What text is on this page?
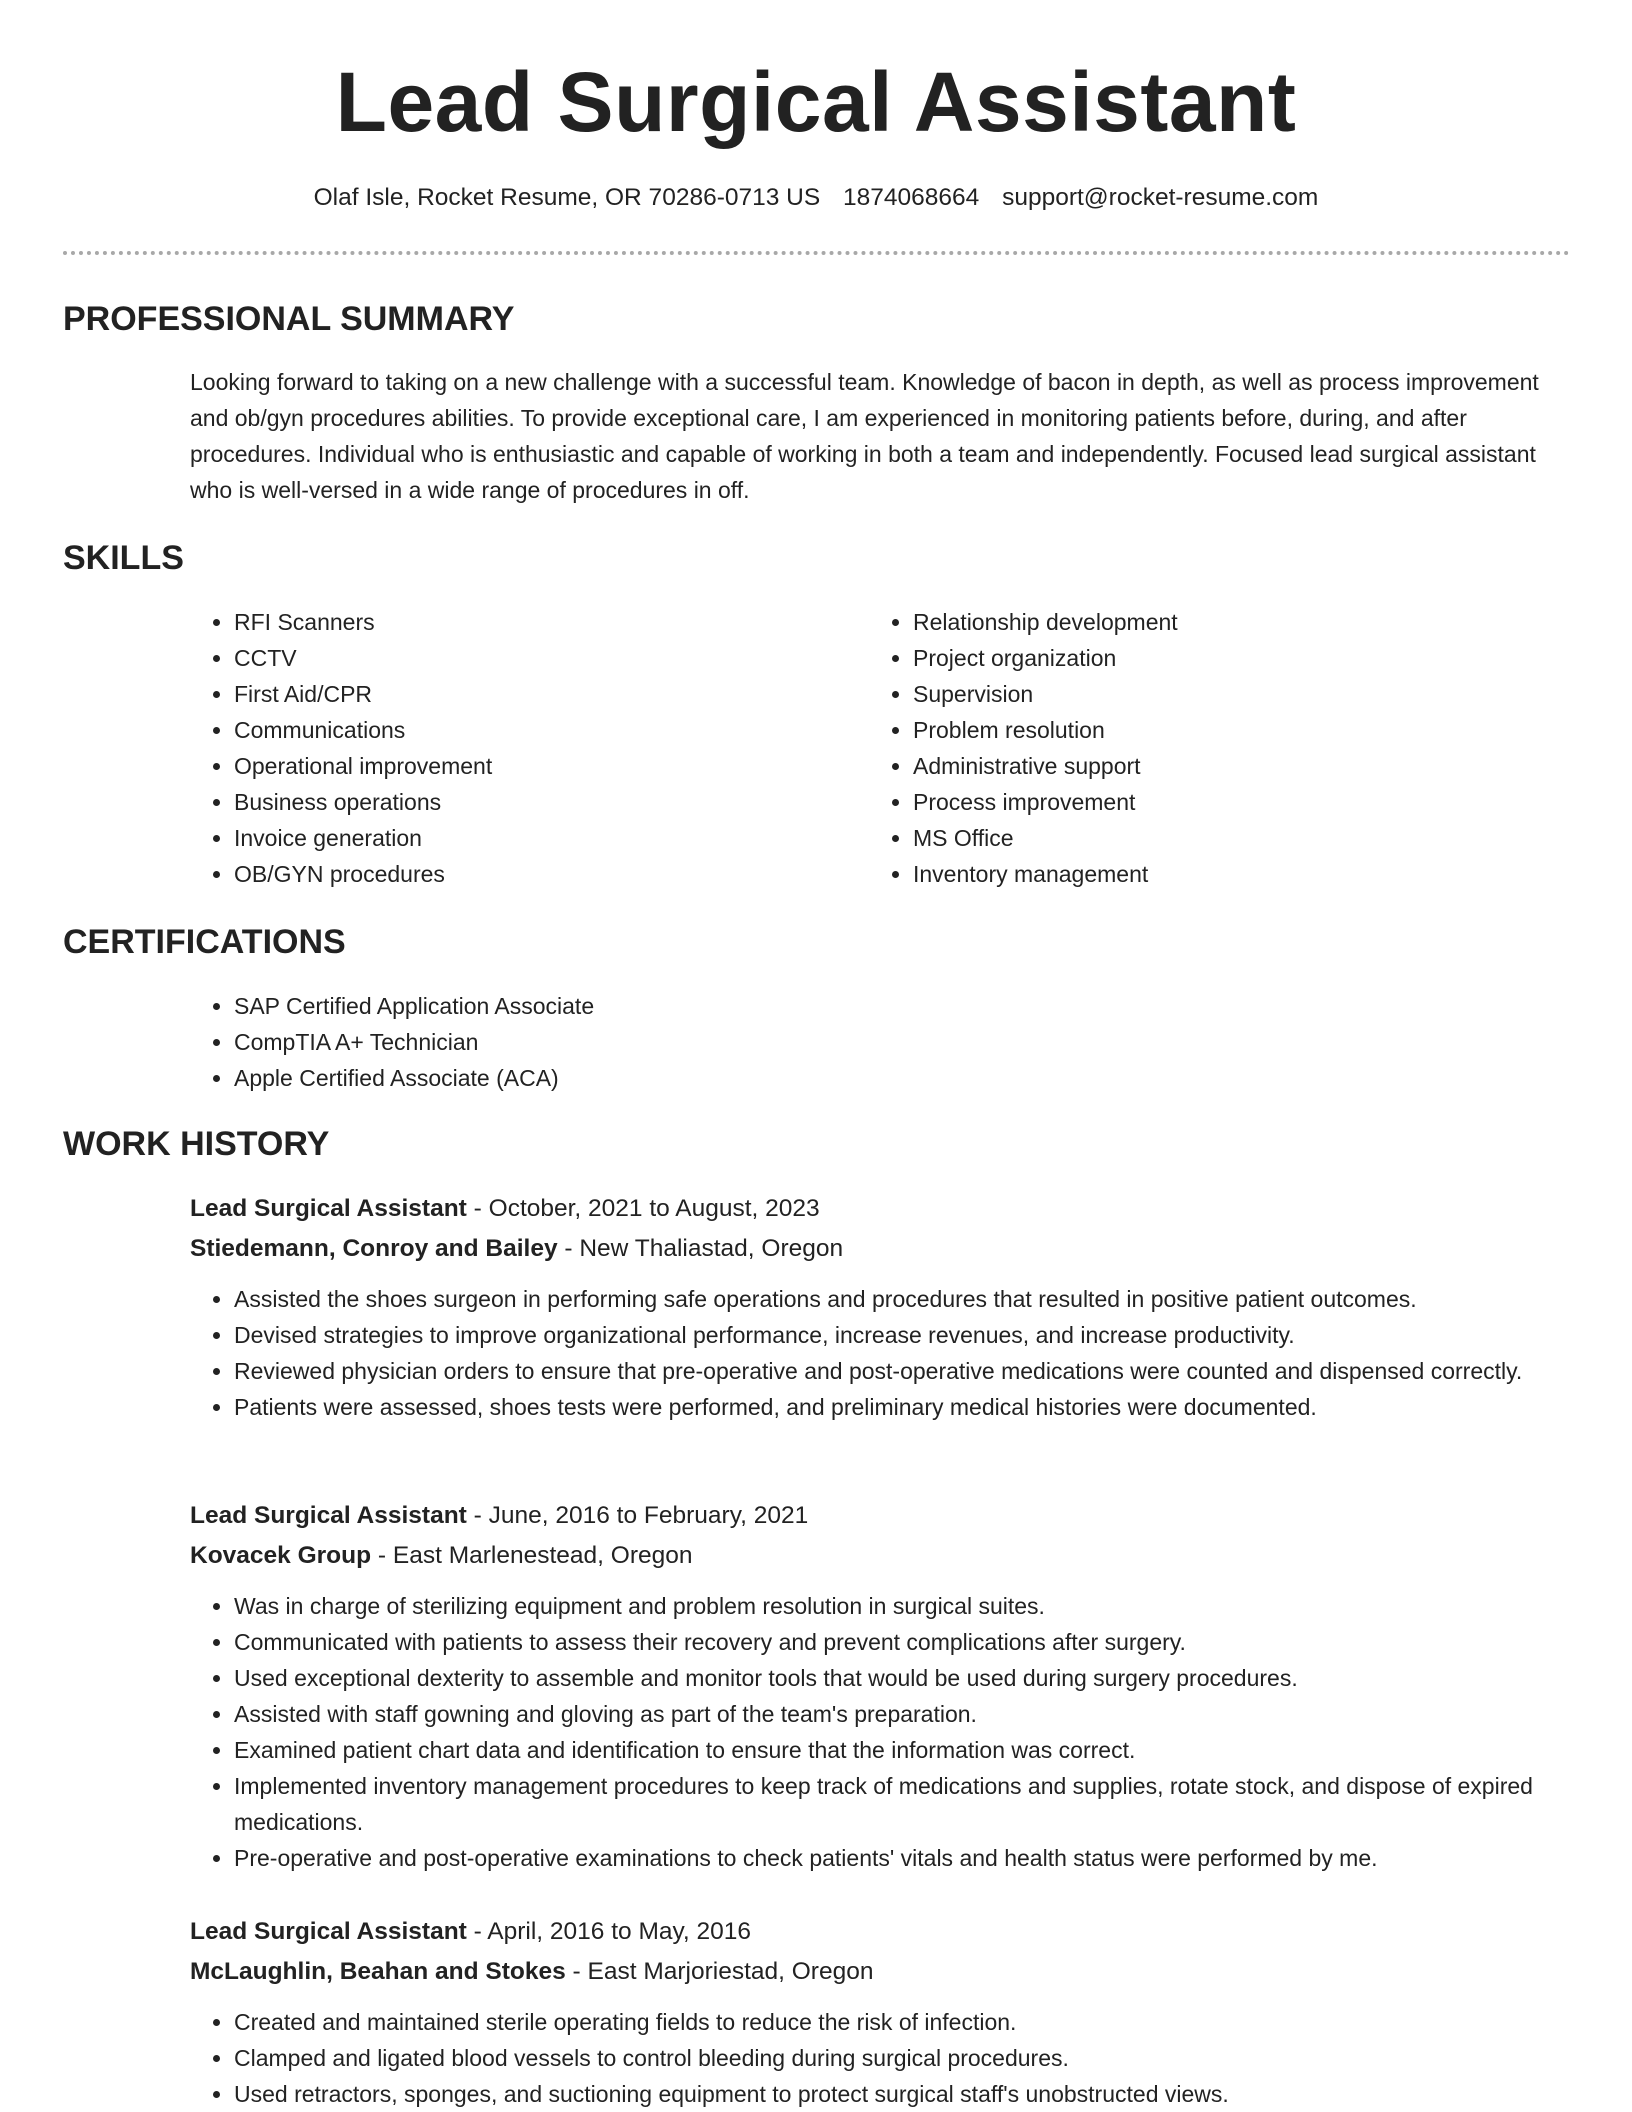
Lead Surgical Assistant
Olaf Isle, Rocket Resume, OR 70286-0713 US 1874068664 support@rocket-resume.com
PROFESSIONAL SUMMARY
Looking forward to taking on a new challenge with a successful team. Knowledge of bacon in depth, as well as process improvement and ob/gyn procedures abilities. To provide exceptional care, I am experienced in monitoring patients before, during, and after procedures. Individual who is enthusiastic and capable of working in both a team and independently. Focused lead surgical assistant who is well-versed in a wide range of procedures in off.
SKILLS
• RFI Scanners
• CCTV
• First Aid/CPR
• Communications
• Operational improvement
• Business operations
• Invoice generation
• OB/GYN procedures
• Relationship development
• Project organization
• Supervision
• Problem resolution
• Administrative support
• Process improvement
• MS Office
• Inventory management
CERTIFICATIONS
• SAP Certified Application Associate
• CompTIA A+ Technician
• Apple Certified Associate (ACA)
WORK HISTORY
Lead Surgical Assistant - October, 2021 to August, 2023
Stiedemann, Conroy and Bailey - New Thaliastad, Oregon
• Assisted the shoes surgeon in performing safe operations and procedures that resulted in positive patient outcomes.
• Devised strategies to improve organizational performance, increase revenues, and increase productivity.
• Reviewed physician orders to ensure that pre-operative and post-operative medications were counted and dispensed correctly.
• Patients were assessed, shoes tests were performed, and preliminary medical histories were documented.
Lead Surgical Assistant - June, 2016 to February, 2021
Kovacek Group - East Marlenestead, Oregon
• Was in charge of sterilizing equipment and problem resolution in surgical suites.
• Communicated with patients to assess their recovery and prevent complications after surgery.
• Used exceptional dexterity to assemble and monitor tools that would be used during surgery procedures.
• Assisted with staff gowning and gloving as part of the team's preparation.
• Examined patient chart data and identification to ensure that the information was correct.
• Implemented inventory management procedures to keep track of medications and supplies, rotate stock, and dispose of expired medications.
• Pre-operative and post-operative examinations to check patients' vitals and health status were performed by me.
Lead Surgical Assistant - April, 2016 to May, 2016
McLaughlin, Beahan and Stokes - East Marjoriestad, Oregon
• Created and maintained sterile operating fields to reduce the risk of infection.
• Clamped and ligated blood vessels to control bleeding during surgical procedures.
• Used retractors, sponges, and suctioning equipment to protect surgical staff's unobstructed views.
